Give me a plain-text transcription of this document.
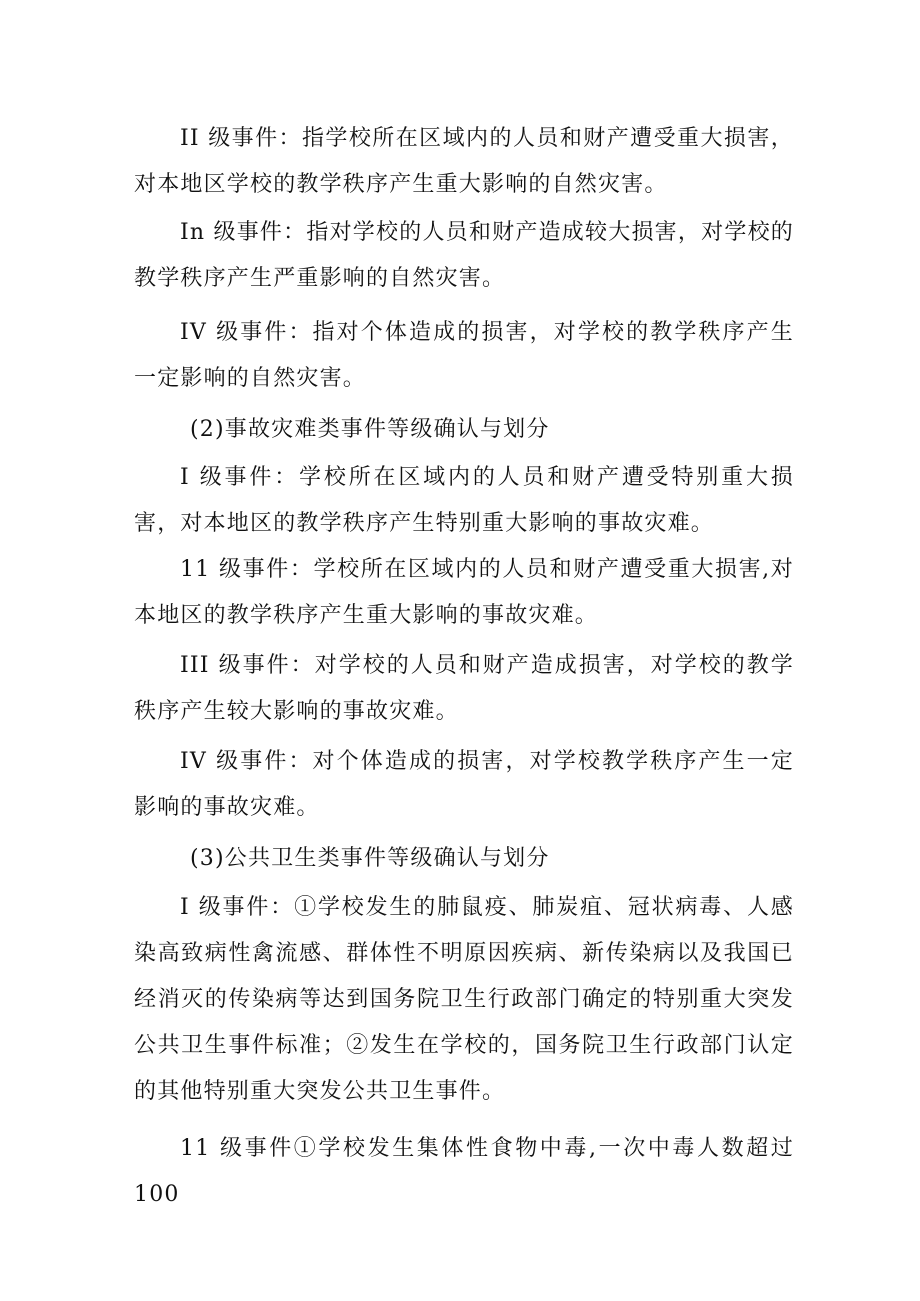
II 级事件：指学校所在区域内的人员和财产遭受重大损害，对本地区学校的教学秩序产生重大影响的自然灾害。

In 级事件：指对学校的人员和财产造成较大损害，对学校的教学秩序产生严重影响的自然灾害。

IV 级事件：指对个体造成的损害，对学校的教学秩序产生一定影响的自然灾害。

(2)事故灾难类事件等级确认与划分

I 级事件：学校所在区域内的人员和财产遭受特别重大损害，对本地区的教学秩序产生特别重大影响的事故灾难。

11 级事件：学校所在区域内的人员和财产遭受重大损害,对本地区的教学秩序产生重大影响的事故灾难。

III 级事件：对学校的人员和财产造成损害，对学校的教学秩序产生较大影响的事故灾难。

IV 级事件：对个体造成的损害，对学校教学秩序产生一定影响的事故灾难。

(3)公共卫生类事件等级确认与划分

I 级事件：①学校发生的肺鼠疫、肺炭疽、冠状病毒、人感染高致病性禽流感、群体性不明原因疾病、新传染病以及我国已经消灭的传染病等达到国务院卫生行政部门确定的特别重大突发公共卫生事件标准；②发生在学校的，国务院卫生行政部门认定的其他特别重大突发公共卫生事件。

11 级事件①学校发生集体性食物中毒,一次中毒人数超过100
